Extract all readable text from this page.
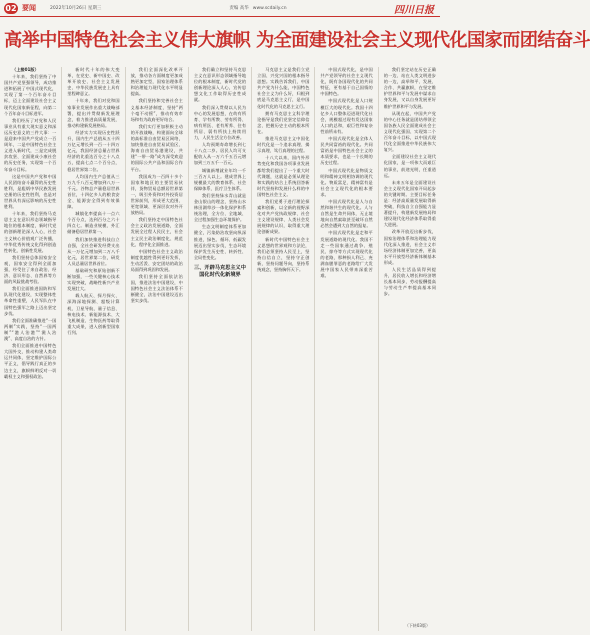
02 要闻	2022年10月26日 星期三	责编 高华 www.scdaily.cn	四川日报
高举中国特色社会主义伟大旗帜 为全面建设社会主义现代化国家而团结奋斗

（上接01版）

十年来，我们坚持了中国共产党坚强领导，成功推进和拓展了中国式现代化，实现了第一个百年奋斗目标，迈上全面建设社会主义现代化国家新征程，向第二个百年奋斗目标进军。

我们经历了对党和人民事业具有重大现实意义和深远历史意义的三件大事：一是迎来中国共产党成立一百周年，二是中国特色社会主义进入新时代，三是完成脱贫攻坚、全面建成小康社会的历史任务，实现第一个百年奋斗目标。

这是中国共产党和中国人民团结奋斗赢得的历史性胜利，是彪炳中华民族发展史册的历史性胜利，也是对世界具有深远影响的历史性胜利。

十年来，我们坚持马克思主义在意识形态领域指导地位的根本制度，新时代党的创新理论深入人心，社会主义核心价值观广泛传播，中华优秀传统文化得到创造性转化、创新性发展。

我们坚持总体国家安全观，国家安全得到全面加强，经受住了来自政治、经济、意识形态、自然界等方面的风险挑战考验。

我们全面推进国防和军队现代化建设，实现整体性革命性重塑，人民军队在中国特色强军之路上迈出坚定步伐。

我们全面准确推进“一国两制”实践，坚持“一国两制”“港人治港”“澳人治澳”、高度自治的方针。

我们全面推进中国特色大国外交，推动构建人类命运共同体，坚定维护国际公平正义，倡导践行真正的多边主义，旗帜鲜明反对一切霸权主义和强权政治。

新时代十年的伟大变革，在党史、新中国史、改革开放史、社会主义发展史、中华民族发展史上具有里程碑意义。

十年来，我们对党和国家事业发展作出重大战略部署，提出并贯彻新发展理念，着力推进高质量发展，推动构建新发展格局。

经济实力实现历史性跃升，国内生产总值从五十四万亿元增长到一百一十四万亿元，我国经济总量占世界经济的比重达百分之十八点五，提高七点二个百分点，稳居世界第二位。

人均国内生产总值从三万九千八百元增加到八万一千元。谷物总产量稳居世界首位，十四亿多人的粮食安全、能源安全得到有效保障。

城镇化率提高十一点六个百分点，达到百分之六十四点七。制造业规模、外汇储备稳居世界第一。

我们加快推进科技自立自强，全社会研发经费支出从一万亿元增加到二万八千亿元，居世界第二位，研发人员总量居世界首位。

基础研究和原始创新不断加强，一些关键核心技术实现突破，战略性新兴产业发展壮大。

载人航天、探月探火、深海深地探测、超级计算机、卫星导航、量子信息、核电技术、新能源技术、大飞机制造、生物医药等取得重大成果，进入创新型国家行列。

我们全面深化改革开放，推动各方面制度更加成熟更加定型，国家治理体系和治理能力现代化水平明显提高。

我们坚持和完善社会主义基本经济制度，坚持“两个毫不动摇”，推动有效市场和有为政府更好结合。

我们实行更加积极主动的开放战略，构建面向全球的高标准自由贸易区网络，加快推进自由贸易试验区、海南自由贸易港建设，共建“一带一路”成为深受欢迎的国际公共产品和国际合作平台。

我国成为一百四十多个国家和地区的主要贸易伙伴，货物贸易总额居世界第一，吸引外资和对外投资居世界前列，形成更大范围、更宽领域、更深层次对外开放格局。

我们坚持走中国特色社会主义政治发展道路，全面发展全过程人民民主，社会主义民主政治制度化、规范化、程序化全面推进。

中国特色社会主义政治制度优越性得到更好发挥，生动活泼、安定团结的政治局面得到巩固和发展。

我们坚持全面依法治国，推进法治中国建设，中国特色社会主义法治体系不断健全，法治中国建设迈出坚实步伐。

我们确立和坚持马克思主义在意识形态领域指导地位的根本制度，新时代党的创新理论深入人心，宣传思想文化工作取得历史性成就。

我们深入贯彻以人民为中心的发展思想，在幼有所育、学有所教、劳有所得、病有所医、老有所养、住有所居、弱有所扶上持续用力，人民生活全方位改善。

人均预期寿命增长到七十八点二岁。居民人均可支配收入从一万六千五百元增加到三万五千一百元。

城镇新增就业年均一千三百万人以上。建成世界上规模最大的教育体系、社会保障体系、医疗卫生体系。

我们坚持绿水青山就是金山银山的理念，坚持山水林田湖草沙一体化保护和系统治理，全方位、全地域、全过程加强生态环境保护。

生态文明制度体系更加健全，污染防治攻坚向纵深推进，绿色、循环、低碳发展迈出坚实步伐，生态环境保护发生历史性、转折性、全局性变化。

三、开辟马克思主义中国化时代化新境界

马克思主义是我们立党立国、兴党兴国的根本指导思想。实践告诉我们，中国共产党为什么能，中国特色社会主义为什么好，归根到底是马克思主义行，是中国化时代化的马克思主义行。

拥有马克思主义科学理论指导是我们党坚定信仰信念、把握历史主动的根本所在。

推进马克思主义中国化时代化是一个追求真理、揭示真理、笃行真理的过程。

十八大以来，国内外形势变化和我国各项事业发展都给我们提出了一个重大时代课题，这就是必须从理论和实践的结合上系统回答新时代坚持和发展什么样的中国特色社会主义。

我们党勇于进行理论探索和创新，以全新的视野深化对共产党执政规律、社会主义建设规律、人类社会发展规律的认识，取得重大理论创新成果。

新时代中国特色社会主义思想的世界观和方法论，我们必须坚持人民至上，坚持自信自立，坚持守正创新，坚持问题导向，坚持系统观念，坚持胸怀天下。

中国式现代化，是中国共产党领导的社会主义现代化，既有各国现代化的共同特征，更有基于自己国情的中国特色。

中国式现代化是人口规模巨大的现代化。我国十四亿多人口整体迈进现代化社会，规模超过现有发达国家人口的总和，艰巨性和复杂性前所未有。

中国式现代化是全体人民共同富裕的现代化。共同富裕是中国特色社会主义的本质要求，也是一个长期的历史过程。

中国式现代化是物质文明和精神文明相协调的现代化。物质富足、精神富有是社会主义现代化的根本要求。

中国式现代化是人与自然和谐共生的现代化。人与自然是生命共同体，无止境地向自然索取甚至破坏自然必然会遭到大自然的报复。

中国式现代化是走和平发展道路的现代化。我国不走一些国家通过战争、殖民、掠夺等方式实现现代化的老路，那种损人利己、充满血腥罪恶的老路给广大发展中国家人民带来深重苦难。

我们坚定站在历史正确的一边、站在人类文明进步的一边，高举和平、发展、合作、共赢旗帜，在坚定维护世界和平与发展中谋求自身发展，又以自身发展更好维护世界和平与发展。

从现在起，中国共产党的中心任务就是团结带领全国各族人民全面建成社会主义现代化强国、实现第二个百年奋斗目标，以中国式现代化全面推进中华民族伟大复兴。

全面建设社会主义现代化国家，是一项伟大而艰巨的事业，前途光明，任重道远。

未来五年是全面建设社会主义现代化国家开局起步的关键时期。主要目标任务是：经济高质量发展取得新突破，科技自立自强能力显著提升，构建新发展格局和建设现代化经济体系取得重大进展。

改革开放迈出新步伐，国家治理体系和治理能力现代化深入推进，社会主义市场经济体制更加完善，更高水平开放型经济新体制基本形成。

人民生活品质得到提升，居民收入增长和经济增长基本同步，劳动报酬提高与劳动生产率提高基本同步。

（下转03版）
